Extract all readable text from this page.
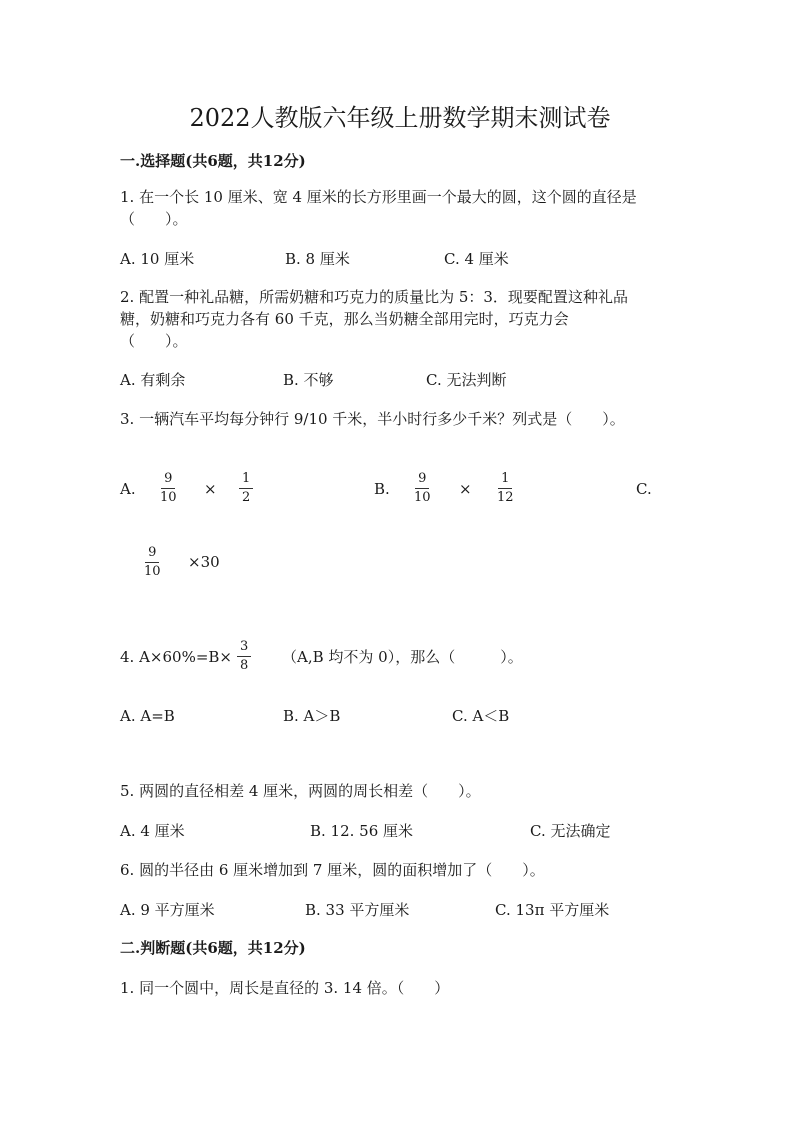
2022人教版六年级上册数学期末测试卷
一.选择题(共6题，共12分)
1. 在一个长 10 厘米、宽 4 厘米的长方形里画一个最大的圆，这个圆的直径是
（　　）。
A. 10 厘米	B. 8 厘米	C. 4 厘米
2. 配置一种礼品糖，所需奶糖和巧克力的质量比为 5：3．现要配置这种礼品
糖，奶糖和巧克力各有 60 千克，那么当奶糖全部用完时，巧克力会
（　　）。
A. 有剩余	B. 不够	C. 无法判断
3. 一辆汽车平均每分钟行 9/10 千米，半小时行多少千米？列式是（　　）。
A. $\frac{9}{10} \times \frac{1}{2}$	B. $\frac{9}{10} \times \frac{1}{12}$	C.
$\frac{9}{10} \times 30$
4. $A\times 60\%=B\times \frac{3}{8} (A,B$ 均不为 0），那么（　　　）。
A. A=B	B. A＞B	C. A＜B
5. 两圆的直径相差 4 厘米，两圆的周长相差（　　）。
A. 4 厘米	B. 12. 56 厘米	C. 无法确定
6. 圆的半径由 6 厘米增加到 7 厘米，圆的面积增加了（　　）。
A. 9 平方厘米	B. 33 平方厘米	C. 13π 平方厘米
二.判断题(共6题，共12分)
1. 同一个圆中，周长是直径的 3. 14 倍。（　　）
